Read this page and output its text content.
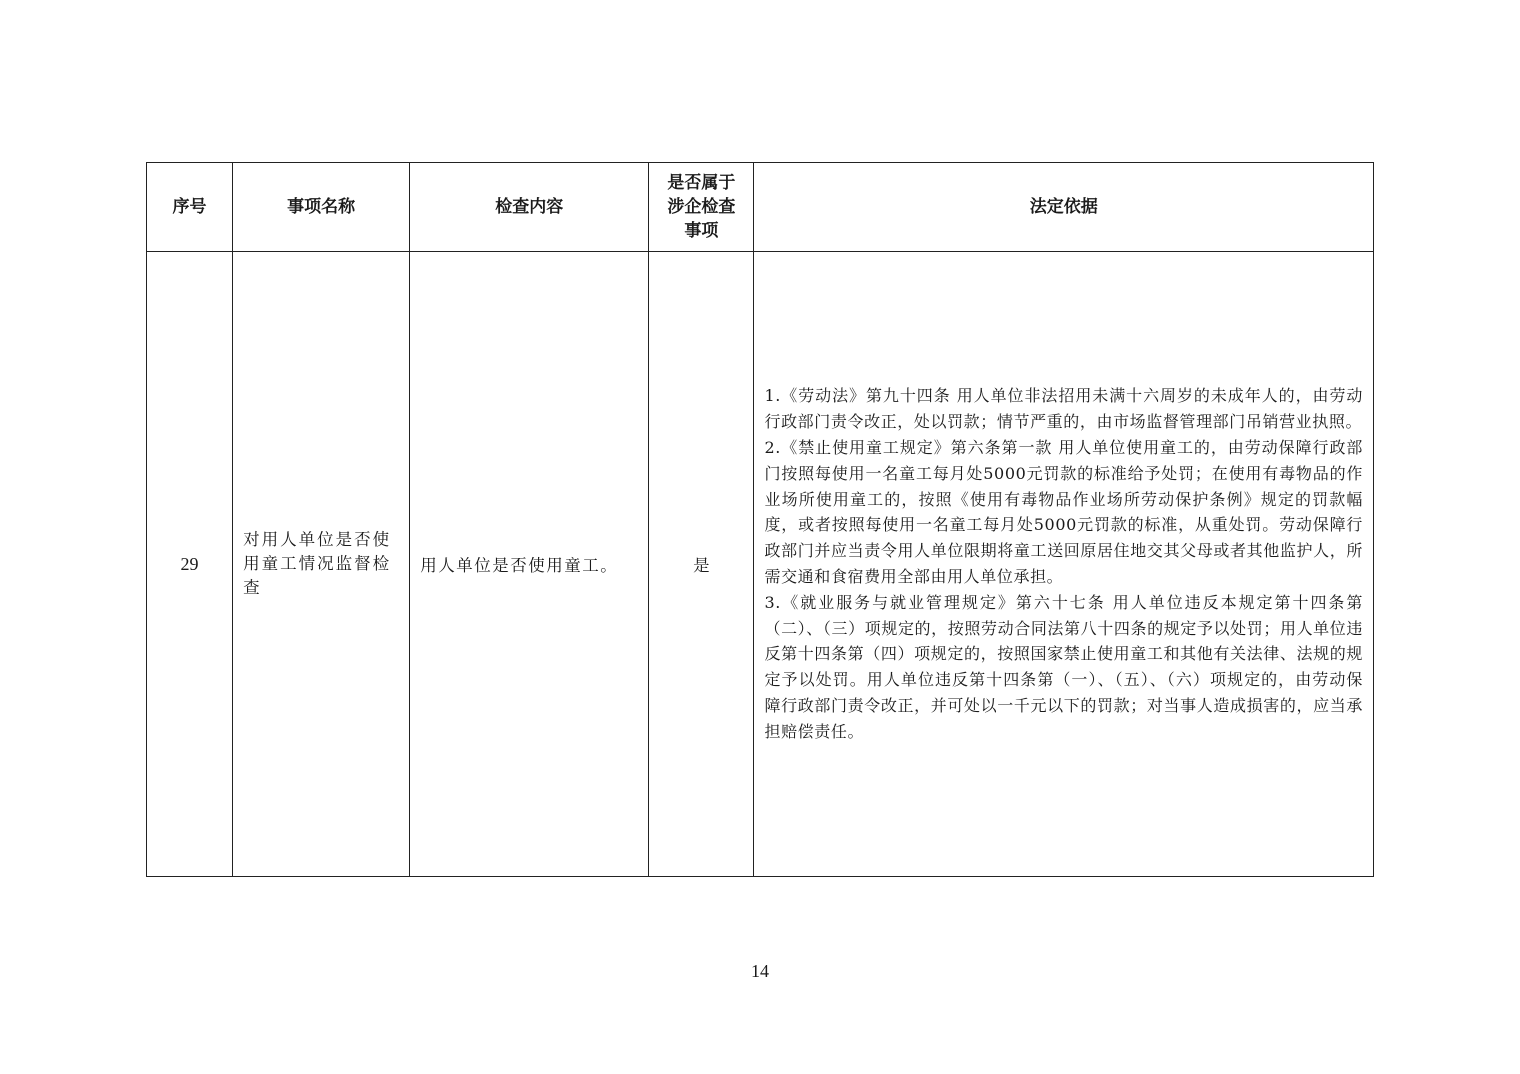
序号	事项名称	检查内容	是否属于涉企检查事项	法定依据
29	对用人单位是否使用童工情况监督检查	用人单位是否使用童工。	是	1.《劳动法》第九十四条 用人单位非法招用未满十六周岁的未成年人的，由劳动行政部门责令改正，处以罚款；情节严重的，由市场监督管理部门吊销营业执照。

2.《禁止使用童工规定》第六条第一款 用人单位使用童工的，由劳动保障行政部门按照每使用一名童工每月处5000元罚款的标准给予处罚；在使用有毒物品的作业场所使用童工的，按照《使用有毒物品作业场所劳动保护条例》规定的罚款幅度，或者按照每使用一名童工每月处5000元罚款的标准，从重处罚。劳动保障行政部门并应当责令用人单位限期将童工送回原居住地交其父母或者其他监护人，所需交通和食宿费用全部由用人单位承担。

3.《就业服务与就业管理规定》第六十七条 用人单位违反本规定第十四条第（二）、（三）项规定的，按照劳动合同法第八十四条的规定予以处罚；用人单位违反第十四条第（四）项规定的，按照国家禁止使用童工和其他有关法律、法规的规定予以处罚。用人单位违反第十四条第（一）、（五）、（六）项规定的，由劳动保障行政部门责令改正，并可处以一千元以下的罚款；对当事人造成损害的，应当承担赔偿责任。

14
